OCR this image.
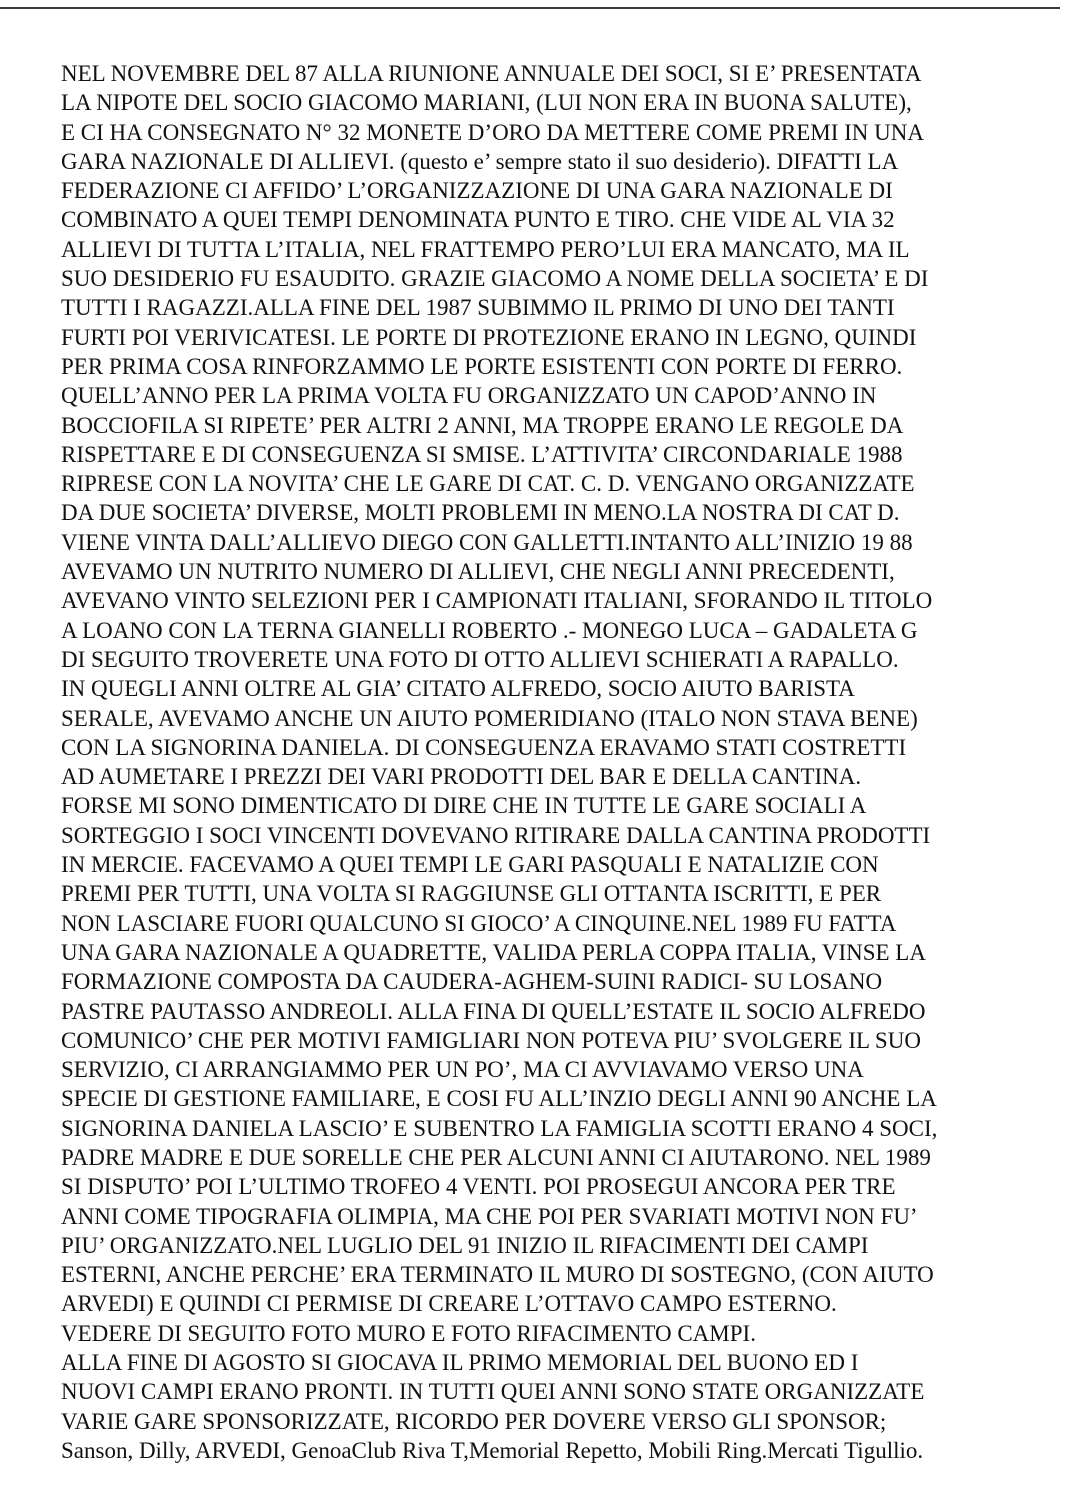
NEL NOVEMBRE DEL 87 ALLA RIUNIONE ANNUALE DEI SOCI, SI E’ PRESENTATA
LA NIPOTE DEL SOCIO GIACOMO MARIANI, (LUI NON ERA IN BUONA SALUTE),
E CI HA CONSEGNATO N° 32 MONETE D’ORO DA METTERE COME PREMI IN UNA
GARA NAZIONALE DI ALLIEVI. (questo e’ sempre stato il suo desiderio). DIFATTI LA
FEDERAZIONE CI AFFIDO’ L’ORGANIZZAZIONE DI UNA GARA NAZIONALE DI
COMBINATO A QUEI TEMPI DENOMINATA PUNTO E TIRO. CHE VIDE AL VIA 32
ALLIEVI DI TUTTA L’ITALIA, NEL FRATTEMPO PERO’LUI ERA MANCATO, MA IL
SUO DESIDERIO FU ESAUDITO. GRAZIE GIACOMO A NOME DELLA SOCIETA’ E DI
TUTTI I RAGAZZI.ALLA FINE DEL 1987 SUBIMMO IL PRIMO DI UNO DEI TANTI
FURTI POI VERIVICATESI. LE PORTE DI PROTEZIONE ERANO IN LEGNO, QUINDI
PER PRIMA COSA RINFORZAMMO LE PORTE ESISTENTI CON PORTE DI FERRO.
QUELL’ANNO PER LA PRIMA VOLTA FU ORGANIZZATO UN CAPOD’ANNO IN
BOCCIOFILA SI RIPETE’ PER ALTRI 2 ANNI, MA TROPPE ERANO LE REGOLE DA
RISPETTARE E DI CONSEGUENZA SI SMISE. L’ATTIVITA’ CIRCONDARIALE 1988
RIPRESE CON LA NOVITA’ CHE LE GARE DI CAT. C. D. VENGANO ORGANIZZATE
DA DUE SOCIETA’ DIVERSE, MOLTI PROBLEMI IN MENO.LA NOSTRA DI CAT D.
VIENE VINTA DALL’ALLIEVO DIEGO CON GALLETTI.INTANTO ALL’INIZIO 19 88
AVEVAMO UN NUTRITO NUMERO DI ALLIEVI, CHE NEGLI ANNI PRECEDENTI,
AVEVANO VINTO SELEZIONI PER I CAMPIONATI ITALIANI, SFORANDO IL TITOLO
A LOANO CON LA TERNA GIANELLI ROBERTO .- MONEGO LUCA – GADALETA G
DI SEGUITO TROVERETE UNA FOTO DI OTTO ALLIEVI SCHIERATI A RAPALLO.
IN QUEGLI ANNI OLTRE AL GIA’ CITATO ALFREDO, SOCIO AIUTO BARISTA
SERALE, AVEVAMO ANCHE UN AIUTO POMERIDIANO (ITALO NON STAVA BENE)
CON LA SIGNORINA DANIELA. DI CONSEGUENZA ERAVAMO STATI COSTRETTI
AD AUMETARE I PREZZI DEI VARI PRODOTTI DEL BAR E DELLA CANTINA.
FORSE MI SONO DIMENTICATO DI DIRE CHE IN TUTTE LE GARE SOCIALI A
SORTEGGIO I SOCI VINCENTI DOVEVANO RITIRARE DALLA CANTINA PRODOTTI
IN MERCIE. FACEVAMO A QUEI TEMPI LE GARI PASQUALI E NATALIZIE CON
PREMI PER TUTTI, UNA VOLTA SI RAGGIUNSE GLI OTTANTA ISCRITTI, E PER
NON LASCIARE FUORI QUALCUNO SI GIOCO’ A CINQUINE.NEL 1989 FU FATTA
UNA GARA NAZIONALE A QUADRETTE, VALIDA PERLA COPPA ITALIA, VINSE LA
FORMAZIONE COMPOSTA DA CAUDERA-AGHEM-SUINI RADICI- SU LOSANO
PASTRE PAUTASSO ANDREOLI. ALLA FINA DI QUELL’ESTATE IL SOCIO ALFREDO
COMUNICO’ CHE PER MOTIVI FAMIGLIARI NON POTEVA PIU’ SVOLGERE IL SUO
SERVIZIO, CI ARRANGIAMMO PER UN PO’, MA CI AVVIAVAMO VERSO UNA
SPECIE DI GESTIONE FAMILIARE, E COSI FU ALL’INZIO DEGLI ANNI 90 ANCHE LA
SIGNORINA DANIELA LASCIO’ E SUBENTRO LA FAMIGLIA SCOTTI ERANO 4 SOCI,
PADRE MADRE E DUE SORELLE CHE PER ALCUNI ANNI CI AIUTARONO. NEL 1989
SI DISPUTO’ POI L’ULTIMO TROFEO 4 VENTI. POI PROSEGUI ANCORA PER TRE
ANNI COME TIPOGRAFIA OLIMPIA, MA CHE POI PER SVARIATI MOTIVI NON FU’
PIU’ ORGANIZZATO.NEL LUGLIO DEL 91 INIZIO IL RIFACIMENTI DEI CAMPI
ESTERNI, ANCHE PERCHE’ ERA TERMINATO IL MURO DI SOSTEGNO, (CON AIUTO
ARVEDI) E QUINDI CI PERMISE DI CREARE L’OTTAVO CAMPO ESTERNO.
VEDERE DI SEGUITO FOTO MURO E FOTO RIFACIMENTO CAMPI.
ALLA FINE DI AGOSTO SI GIOCAVA IL PRIMO MEMORIAL DEL BUONO ED I
NUOVI CAMPI ERANO PRONTI. IN TUTTI QUEI ANNI SONO STATE ORGANIZZATE
VARIE GARE SPONSORIZZATE, RICORDO PER DOVERE VERSO GLI SPONSOR;
Sanson, Dilly, ARVEDI, GenoaClub Riva T,Memorial Repetto, Mobili Ring.Mercati Tigullio.
